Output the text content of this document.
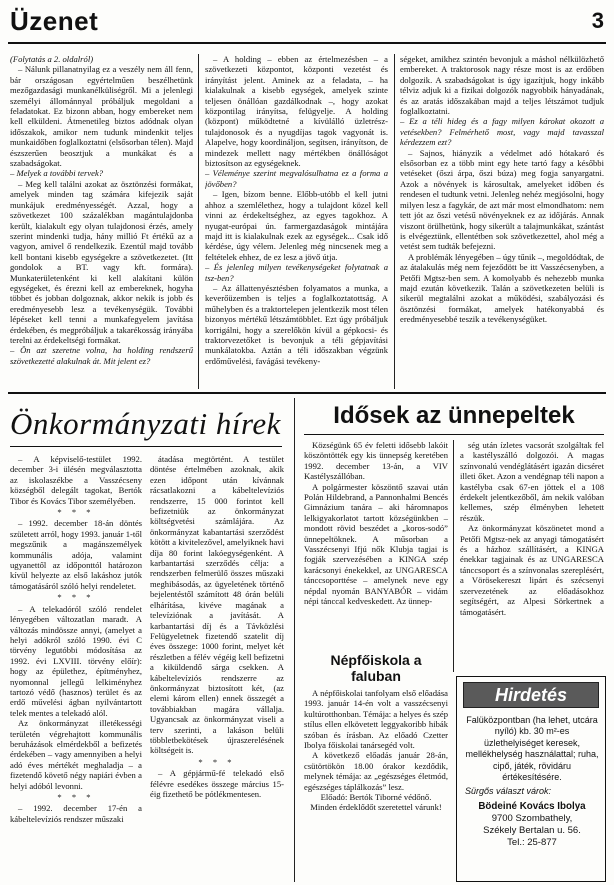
Üzenet	3

(Folytatás a 2. oldalról)

– Nálunk pillanatnyilag ez a veszély nem áll fenn, bár országosan egyértelműen beszélhetünk mezőgazdasági munkanélküliségről. Mi a jelenlegi személyi állománnyal próbáljuk megoldani a feladatokat. Ez bizonn abban, hogy embereket nem kell elküldeni. Átmenetileg biztos adódnak olyan időszakok, amikor nem tudunk mindenkit teljes munkaidőben foglalkoztatni (elsősorban télen). Majd észszerűen beosztjuk a munkákat és a szabadságokat.

– Melyek a további tervek?

– Meg kell találni azokat az ösztönzési formákat, amelyek minden tag számára kifejezik saját munkájuk eredményességét. Azzal, hogy a szövetkezet 100 százalékban magántulajdonba került, kialakult egy olyan tulajdonosi érzés, amely szerint mindenki tudja, hány millió Ft értékű az a vagyon, amivel ő rendelkezik. Ezentúl majd tovább kell bontani kisebb egységekre a szövetkezetet. (Itt gondolok a BT. vagy kft. formára). Munkaterületenként ki kell alakítani külön egységeket, és érezni kell az embereknek, hogyha többet és jobban dolgoznak, akkor nekik is jobb és eredményesebb lesz a tevékenységük. További lépéseket kell tenni a munkafegyelem javítása érdekében, és megpróbáljuk a takarékosság irányába terelni az érdekeltségi formákat.

– Ön azt szeretne volna, ha holding rendszerű szövetkezetté alakulnak át. Mit jelent ez?

– A holding – ebben az értelmezésben – a szövetkezeti központot, központi vezetést és irányítást jelent. Aminek az a feladata, – ha kialakulnak a kisebb egységek, amelyek szinte teljesen önállóan gazdálkodnak –, hogy azokat központilag irányítsa, felügyelje. A holding (központ) működtetné a kívülálló üzletrész-tulajdonosok és a nyugdíjas tagok vagyonát is. Alapelve, hogy koordináljon, segítsen, irányítson, de mindezek mellett nagy mértékben önállóságot biztosítson az egységeknek.

– Véleménye szerint megvalósulhatna ez a forma a jövőben?

– Igen, bízom benne. Előbb-utóbb el kell jutni ahhoz a szemlélethez, hogy a tulajdont közel kell vinni az érdekeltséghez, az egyes tagokhoz. A nyugat-európai ún. farmergazdaságok mintájára majd itt is kialakulnak ezek az egységek... Csak idő kérdése, úgy vélem. Jelenleg még nincsenek meg a feltételek ehhez, de ez lesz a jövő útja.

– És jelenleg milyen tevékenységeket folytatnak a tsz-ben?

– Az állattenyésztésben folyamatos a munka, a keverőüzemben is teljes a foglalkoztatottság. A műhelyben és a traktortelepen jelentkezik most télen bizonyos mértékű létszámtöbblet. Ezt úgy próbáljuk korrigálni, hogy a szerelőkön kívül a gépkocsi- és traktorvezetőket is bevonjuk a téli gépjavítási munkálatokba. Aztán a téli időszakban végzünk erdőművelési, favágási tevékeny-

ségeket, amikhez szintén bevonjuk a máshol nélkülözhető embereket. A traktorosok nagy része most is az erdőben dolgozik. A szabadságokat is úgy igazítjuk, hogy inkább télviz adjuk ki a fizikai dolgozók nagyobbik hányadának, és az aratás időszakában majd a teljes létszámot tudjuk foglalkoztatni.

– Ez a téli hideg és a fagy milyen károkat okozott a vetésekben? Felmérhető most, vagy majd tavasszal kérdezzem ezt?

– Sajnos, hiányzik a védelmet adó hótakaró és elsősorban ez a több mint egy hete tartó fagy a későbbi vetéseket (őszi árpa, őszi búza) meg fogja sanyargatni. Azok a növények is károsultak, amelyeket időben és rendesen el tudtunk vetni. Jelenleg nehéz megjósolni, hogy milyen lesz a fagykár, de azt már most elmondhatom: nem tett jót az őszi vetésű növényeknek ez az időjárás. Annak viszont örülhetünk, hogy sikerült a talajmunkákat, szántást is elvégeztünk, ellentétben sok szövetkezettel, ahol még a vetést sem tudták befejezni.

A problémák lényegében – úgy tűnik –, megoldódtak, de az átalakulás még nem fejeződött be itt Vasszécsenyben, a Petőfi Mgtsz-ben sem. A komolyabb és nehezebb munka majd ezután következik. Talán a szövetkezeten belüli is sikerül megtalálni azokat a működési, szabályozási és ösztönzési formákat, amelyek hatékonyabbá és eredményesebbé teszik a tevékenységüket.

Önkormányzati hírek

– A képviselő-testület 1992. december 3-i ülésén megválasztotta az iskolaszékbe a Vasszécseny községből delegált tagokat, Bertók Tibor és Kovács Tibor személyében.

* * *

– 1992. december 18-án döntés született arról, hogy 1993. január 1-től megszűnik a magánszemélyek kommunális adója, valamint ugyanettől az időponttól határozon kívül helyezte az első lakáshoz jutók támogatásáról szóló helyi rendeletet.

* * *

– A telekadóról szóló rendelet lényegében változatlan maradt. A változás mindössze annyi, (amelyet a helyi adókról szóló 1990. évi C törvény legutóbbi módosítása az 1992. évi LXVIII. törvény előír): hogy az épülethez, építményhez, nyomonnal jellegű lelkiményhez tartozó védő (hasznos) terület és az erdő művelési ágban nyilvántartott telek mentes a telekadó alól.

Az önkormányzat illetékességi területén végrehajtott kommunális beruházások elmérdekből a befizetés érdekében – vagy amennyiben a helyi adó éves mértékét meghaladja – a fizetendő követő négy napiári évben a helyi adóból levonni.

* * *

– 1992. december 17-én a kábeltelevíziós rendszer műszaki

átadása megtörtént. A testület döntése értelmében azoknak, akik ezen időpont után kívánnak rácsatlakozni a kábeltelevíziós rendszerre, 15 000 forintot kell befizetniük az önkormányzat költségvetési számlájára. Az önkormányzat kabantartási szerződést kötött a kivitelezővel, amelyiknek havi díja 80 forint lakóegységenként. A karbantartási szerződés célja: a rendszerben felmerülő összes műszaki meghibásodás, az ügyeletének történő bejelentéstől számított 48 órán belüli elhárítása, kivéve magának a televíziónak a javítását. A karbantartási díj és a Távközlési Felügyeletnek fizetendő szatelit díj éves összege: 1000 forint, melyet két részletben a félév végéig kell befizetni a kiküldendő sárga csekken. A kábeltelevíziós rendszerre az önkormányzat biztosított két, (az elemi károm ellen) ennek összegét a továbbiakban magára vállalja. Ugyancsak az önkormányzat viseli a terv szerinti, a lakáson belüli többletbekötések újraszerelésének költségeit is.

* * *

– A gépjármű-fé telekadó első félévre esedékes összege március 15-éig fizethető be pótlékmentesen.

Idősek az ünnepeltek

Községünk 65 év feletti idősebb lakóit köszöntötték egy kis ünnepség keretében 1992. december 13-án, a VIV Kastélyszállóban.

A polgármester köszöntő szavai után Polán Hildebrand, a Pannonhalmi Bencés Gimnázium tanára – aki háromnapos lelkigyakorlatot tartott községünkben – mondott rövid beszédet a „koros-sodó” ünnepeltöknek. A műsorban a Vasszécsenyi Ifjú nők Klubja tagjai is fogják szervezésében a KINGA szép karácsonyi énekekkel, az UNGARESCA tánccsoporttése – amelynek neve egy népdal nyomán BANYABÓR – vidám népi tánccal kedveskedett. Az ünnep-

ség után ízletes vacsorát szolgáltak fel a kastélyszálló dolgozói. A magas színvonalú vendéglátásért igazán dicséret illeti őket. Azon a vendégnap téli napon a kastélyba csak 67-en jöttek el a 108 érdekelt jelentkezőből, ám nekik valóban kellemes, szép élményben lehetett részük.

Az önkormányzat köszönetet mond a Petőfi Mgtsz-nek az anyagi támogatásért és a házhoz szállításért, a KINGA énekkar tagjainak és az UNGARESCA tánccsoport és a színvonalas szereplésért, a Vörösekereszt lipárt és szécsenyi szervezetének az előadásokhoz segítségért, az Alpesi Sörkertnek a támogatásért.

Népfőiskola a faluban

A népfőiskolai tanfolyam első előadása 1993. január 14-én volt a vasszécsenyi kultúrotthonban. Témája: a helyes és szép stílus ellen elkövetett leggyakoribb hibák szóban és írásban. Az előadó Czetter Ibolya főiskolai tanársegéd volt.

A következő előadás január 28-án, csütörtökön 18.00 órakor kezdődik, melynek témája: az „egészséges életmód, egészséges táplálkozás” lesz.

Előadó: Bertók Tiborné védőnő.

Minden érdeklődőt szeretettel várunk!

Hirdetés
Falüközpontban (ha lehet, utcára nyíló) kb. 30 m²-es üzlethelyiséget keresek, mellékhelység használattal; ruha, cipő, játék, rövidáru értékesítésére.
Sürgős választ várok:
Bödeiné Kovács Ibolya
9700 Szombathely,
Székely Bertalan u. 56.
Tel.: 25-877
